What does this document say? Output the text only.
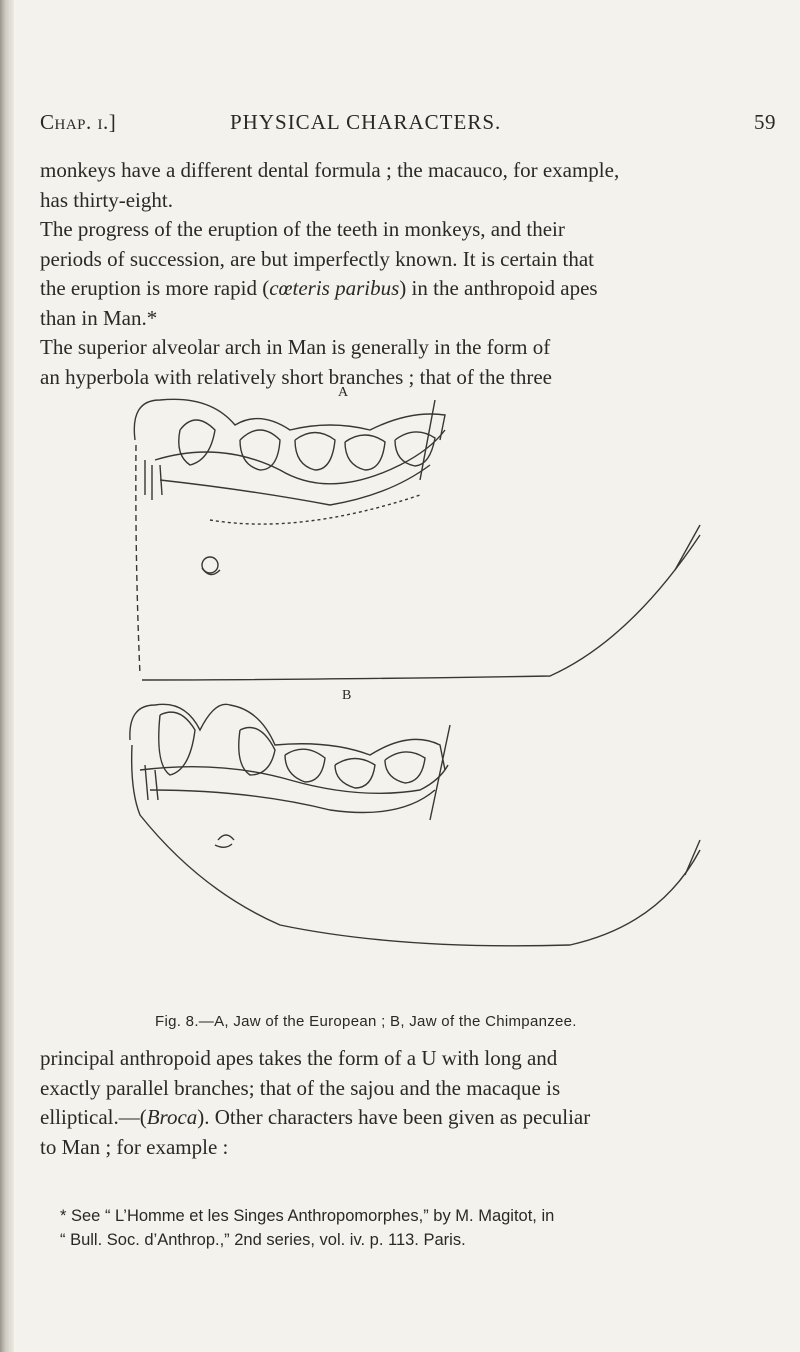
Chap. i.]	PHYSICAL CHARACTERS.	59
monkeys have a different dental formula ; the macauco, for example,
has thirty-eight.
The progress of the eruption of the teeth in monkeys, and their
periods of succession, are but imperfectly known. It is certain that
the eruption is more rapid (cœteris paribus) in the anthropoid apes
than in Man.*
The superior alveolar arch in Man is generally in the form of
an hyperbola with relatively short branches ; that of the three
A
B
Fig. 8.—A, Jaw of the European ; B, Jaw of the Chimpanzee.
principal anthropoid apes takes the form of a U with long and
exactly parallel branches; that of the sajou and the macaque is
elliptical.—(Broca). Other characters have been given as peculiar
to Man ; for example :
* See “ L’Homme et les Singes Anthropomorphes,” by M. Magitot, in
“ Bull. Soc. d’Anthrop.,” 2nd series, vol. iv. p. 113. Paris.
